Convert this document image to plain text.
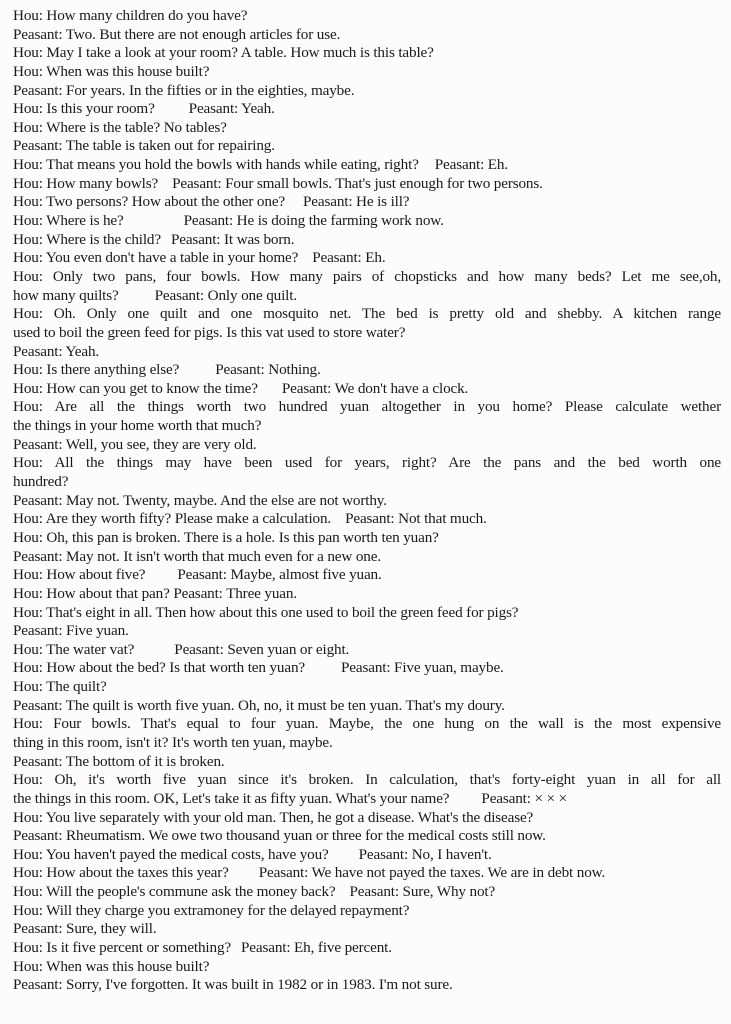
Hou: How many children do you have?
Peasant: Two. But there are not enough articles for use.
Hou: May I take a look at your room? A table. How much is this table?
Hou: When was this house built?
Peasant: For years. In the fifties or in the eighties, maybe.
Hou: Is this your room? Peasant: Yeah.
Hou: Where is the table? No tables?
Peasant: The table is taken out for repairing.
Hou: That means you hold the bowls with hands while eating, right? Peasant: Eh.
Hou: How many bowls? Peasant: Four small bowls. That's just enough for two persons.
Hou: Two persons? How about the other one? Peasant: He is ill?
Hou: Where is he?	Peasant: He is doing the farming work now.
Hou: Where is the child? Peasant: It was born.
Hou: You even don't have a table in your home? Peasant: Eh.
Hou: Only two pans, four bowls. How many pairs of chopsticks and how many beds? Let me see,oh,
how many quilts? Peasant: Only one quilt.
Hou: Oh. Only one quilt and one mosquito net. The bed is pretty old and shebby. A kitchen range
used to boil the green feed for pigs. Is this vat used to store water?
Peasant: Yeah.
Hou: Is there anything else? Peasant: Nothing.
Hou: How can you get to know the time? Peasant: We don't have a clock.
Hou: Are all the things worth two hundred yuan altogether in you home? Please calculate wether
the things in your home worth that much?
Peasant: Well, you see, they are very old.
Hou: All the things may have been used for years, right? Are the pans and the bed worth one
hundred?
Peasant: May not. Twenty, maybe. And the else are not worthy.
Hou: Are they worth fifty? Please make a calculation. Peasant: Not that much.
Hou: Oh, this pan is broken. There is a hole. Is this pan worth ten yuan?
Peasant: May not. It isn't worth that much even for a new one.
Hou: How about five? Peasant: Maybe, almost five yuan.
Hou: How about that pan? Peasant: Three yuan.
Hou: That's eight in all. Then how about this one used to boil the green feed for pigs?
Peasant: Five yuan.
Hou: The water vat?	Peasant: Seven yuan or eight.
Hou: How about the bed? Is that worth ten yuan? Peasant: Five yuan, maybe.
Hou: The quilt?
Peasant: The quilt is worth five yuan. Oh, no, it must be ten yuan. That's my doury.
Hou: Four bowls. That's equal to four yuan. Maybe, the one hung on the wall is the most expensive
thing in this room, isn't it? It's worth ten yuan, maybe.
Peasant: The bottom of it is broken.
Hou: Oh, it's worth five yuan since it's broken. In calculation, that's forty-eight yuan in all for all
the things in this room. OK, Let's take it as fifty yuan. What's your name? Peasant: × × ×
Hou: You live separately with your old man. Then, he got a disease. What's the disease?
Peasant: Rheumatism. We owe two thousand yuan or three for the medical costs still now.
Hou: You haven't payed the medical costs, have you? Peasant: No, I haven't.
Hou: How about the taxes this year? Peasant: We have not payed the taxes. We are in debt now.
Hou: Will the people's commune ask the money back? Peasant: Sure, Why not?
Hou: Will they charge you extramoney for the delayed repayment?
Peasant: Sure, they will.
Hou: Is it five percent or something? Peasant: Eh, five percent.
Hou: When was this house built?
Peasant: Sorry, I've forgotten. It was built in 1982 or in 1983. I'm not sure.
